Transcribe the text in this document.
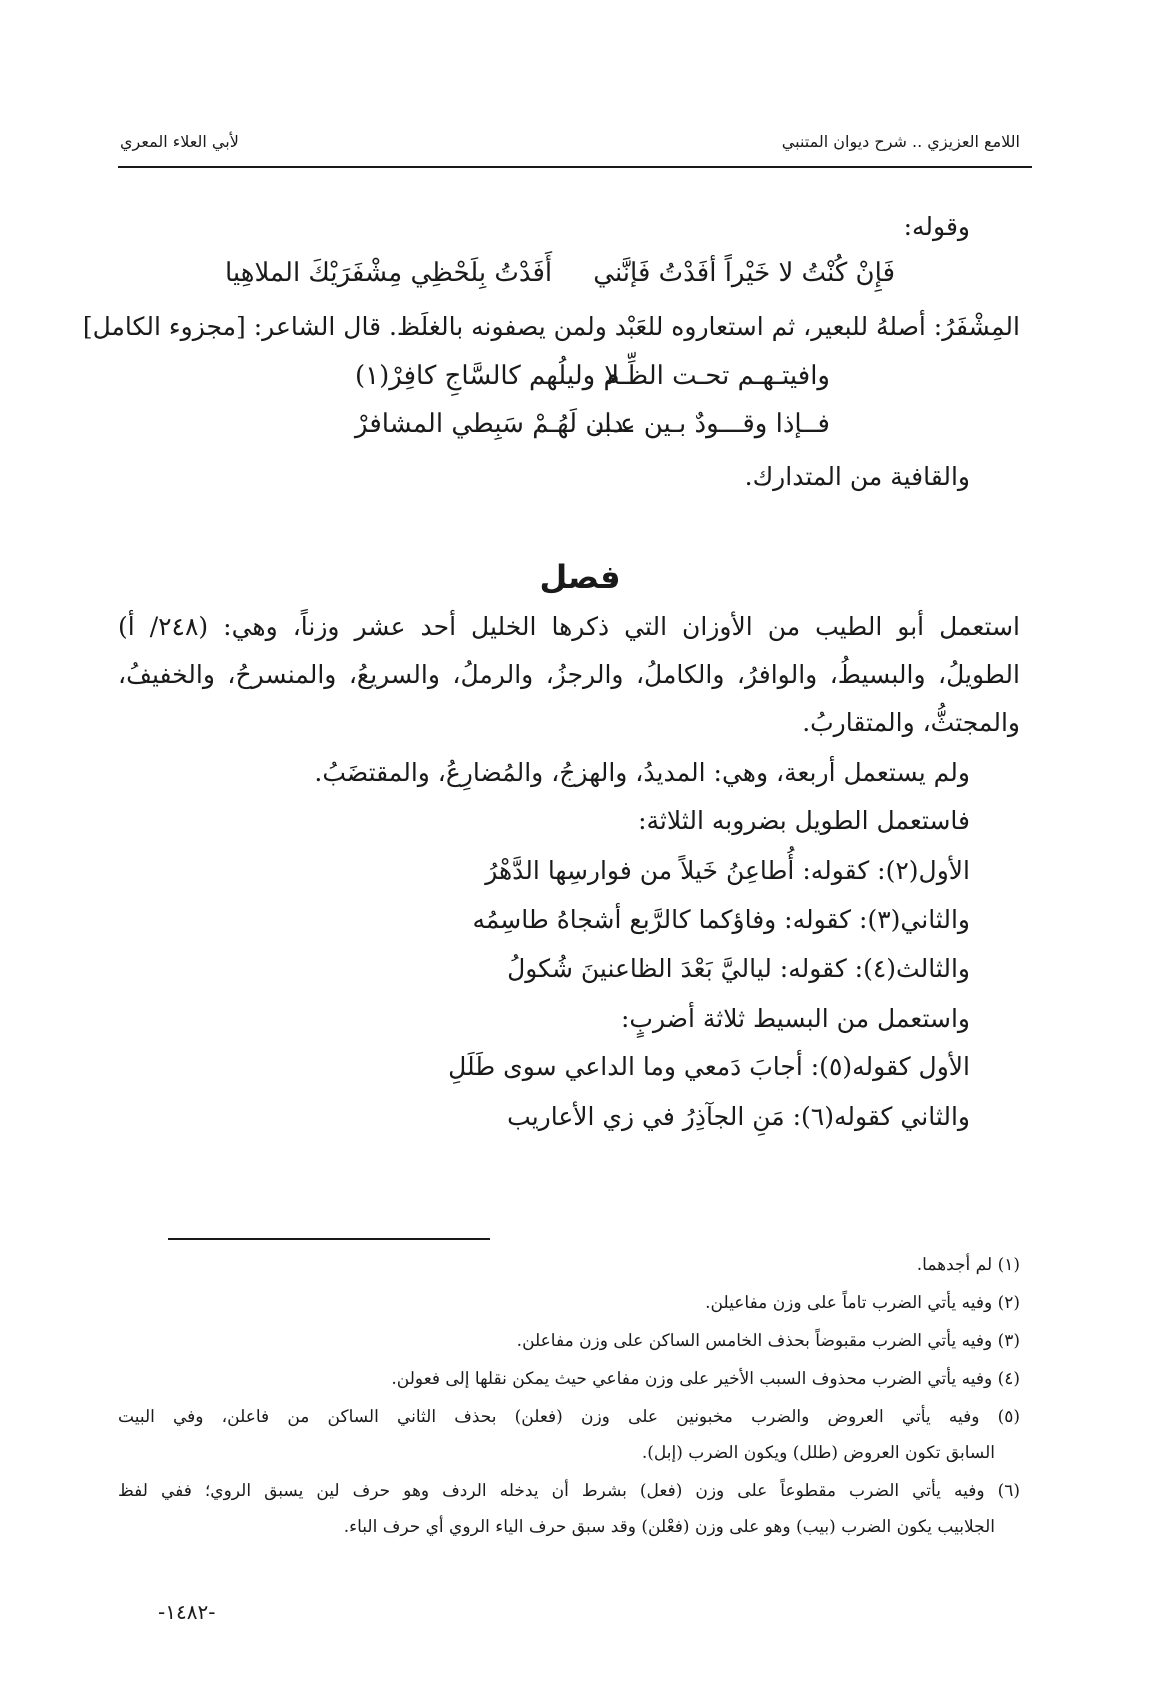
اللامع العزيزي .. شرح ديوان المتنبي
لأبي العلاء المعري
وقوله:
فَإِنْ كُنْتُ لا خَيْراً أفَدْتُ فَإنَّني
أَفَدْتُ بِلَحْظِي مِشْفَرَيْكَ الملاهِيا
المِشْفَرُ: أصلهُ للبعير، ثم استعاروه للعَبْد ولمن يصفونه بالغلَظ. قال الشاعر: [مجزوء الكامل]
وافيتـهـم تحـت الظِّـلا
م وليلُهم كالسَّاجِ كافِرْ(١)
فــإذا وقـــودٌ بـين عـبـ
ـدان لَهُـمْ سَبِطي المشافرْ
والقافية من المتدارك.
فصل
استعمل أبو الطيب من الأوزان التي ذكرها الخليل أحد عشر وزناً، وهي: (٢٤٨/ أ)
الطويلُ، والبسيطُ، والوافرُ، والكاملُ، والرجزُ، والرملُ، والسريعُ، والمنسرحُ، والخفيفُ،
والمجتثُّ، والمتقاربُ.
ولم يستعمل أربعة، وهي: المديدُ، والهزجُ، والمُضارِعُ، والمقتضَبُ.
فاستعمل الطويل بضروبه الثلاثة:
الأول(٢): كقوله: أُطاعِنُ خَيلاً من فوارسِها الدَّهْرُ
والثاني(٣): كقوله: وفاؤكما كالرَّبع أشجاهُ طاسِمُه
والثالث(٤): كقوله: لياليَّ بَعْدَ الظاعنينَ شُكولُ
واستعمل من البسيط ثلاثة أضربٍ:
الأول كقوله(٥): أجابَ دَمعي وما الداعي سوى طَلَلِ
والثاني كقوله(٦): مَنِ الجآذِرُ في زي الأعاريب
(١) لم أجدهما.
(٢) وفيه يأتي الضرب تاماً على وزن مفاعيلن.
(٣) وفيه يأتي الضرب مقبوضاً بحذف الخامس الساكن على وزن مفاعلن.
(٤) وفيه يأتي الضرب محذوف السبب الأخير على وزن مفاعي حيث يمكن نقلها إلى فعولن.
(٥) وفيه يأتي العروض والضرب مخبونين على وزن (فعلن) بحذف الثاني الساكن من فاعلن، وفي البيت
السابق تكون العروض (طلل) ويكون الضرب (إبل).
(٦) وفيه يأتي الضرب مقطوعاً على وزن (فعل) بشرط أن يدخله الردف وهو حرف لين يسبق الروي؛ ففي لفظ
الجلابيب يكون الضرب (بيب) وهو على وزن (فعْلن) وقد سبق حرف الياء الروي أي حرف الباء.
-١٤٨٢-
